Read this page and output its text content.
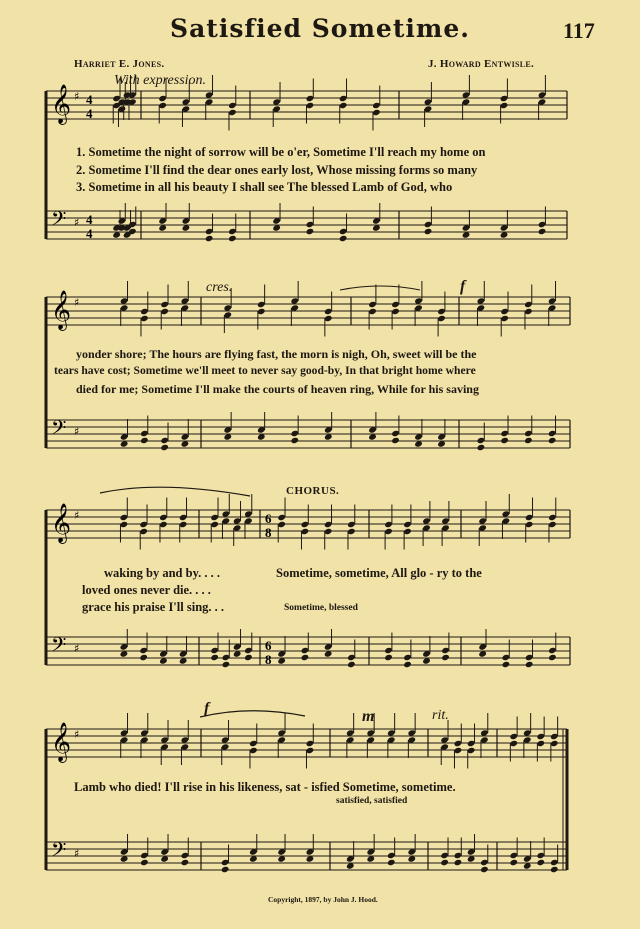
Satisfied Sometime.	117
Harriet E. Jones.	J. Howard Entwisle.
With expression.
𝄞 ♯ 4
4
𝄢 ♯ 4
4
𝄞 ♯
𝄢 ♯
𝄞 ♯	6
8
𝄢 ♯	6
8
𝄞 ♯
𝄢 ♯
1. Sometime the night of sorrow will be o'er, Sometime I'll reach my home on
2. Sometime I'll find the dear ones early lost, Whose missing forms so many
3. Sometime in all his beauty I shall see The blessed Lamb of God, who
cres.	f
yonder shore; The hours are flying fast, the morn is nigh, Oh, sweet will be the
tears have cost; Sometime we'll meet to never say good-by, In that bright home where
died for me; Sometime I'll make the courts of heaven ring, While for his saving
CHORUS.
waking by and by. . . .
loved ones never die. . . .
grace his praise I'll sing. . .
Sometime, sometime, All glo - ry to the
Sometime, blessed
f	m	rit.
Lamb who died! I'll rise in his likeness, sat - isfied Sometime, sometime.
satisfied, satisfied
Copyright, 1897, by John J. Hood.
